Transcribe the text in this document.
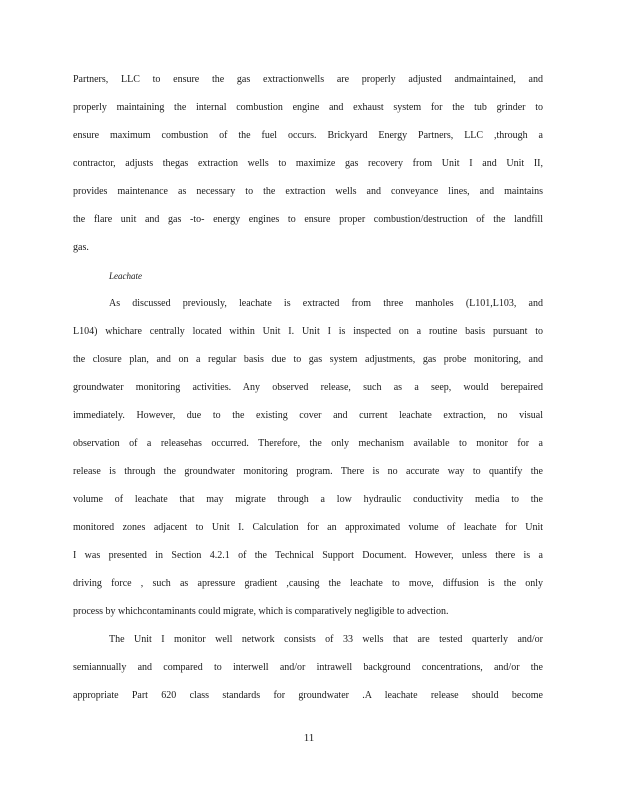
Partners, LLC to ensure the gas extractionwells are properly adjusted andmaintained, and
properly maintaining the internal combustion engine and exhaust system for the tub grinder to
ensure maximum combustion of the fuel occurs. Brickyard Energy Partners, LLC ,through a
contractor, adjusts thegas extraction wells to maximize gas recovery from Unit I and Unit II,
provides maintenance as necessary to the extraction wells and conveyance lines, and maintains
the flare unit and gas -to- energy engines to ensure proper combustion/destruction of the landfill
gas.
Leachate
As discussed previously, leachate is extracted from three manholes (L101,L103, and
L104) whichare centrally located within Unit I. Unit I is inspected on a routine basis pursuant to
the closure plan, and on a regular basis due to gas system adjustments, gas probe monitoring, and
groundwater monitoring activities. Any observed release, such as a seep, would berepaired
immediately. However, due to the existing cover and current leachate extraction, no visual
observation of a releasehas occurred. Therefore, the only mechanism available to monitor for a
release is through the groundwater monitoring program. There is no accurate way to quantify the
volume of leachate that may migrate through a low hydraulic conductivity media to the
monitored zones adjacent to Unit I. Calculation for an approximated volume of leachate for Unit
I was presented in Section 4.2.1 of the Technical Support Document. However, unless there is a
driving force , such as apressure gradient ,causing the leachate to move, diffusion is the only
process by whichcontaminants could migrate, which is comparatively negligible to advection.
The Unit I monitor well network consists of 33 wells that are tested quarterly and/or
semiannually and compared to interwell and/or intrawell background concentrations, and/or the
appropriate Part 620 class standards for groundwater .A leachate release should become
11
